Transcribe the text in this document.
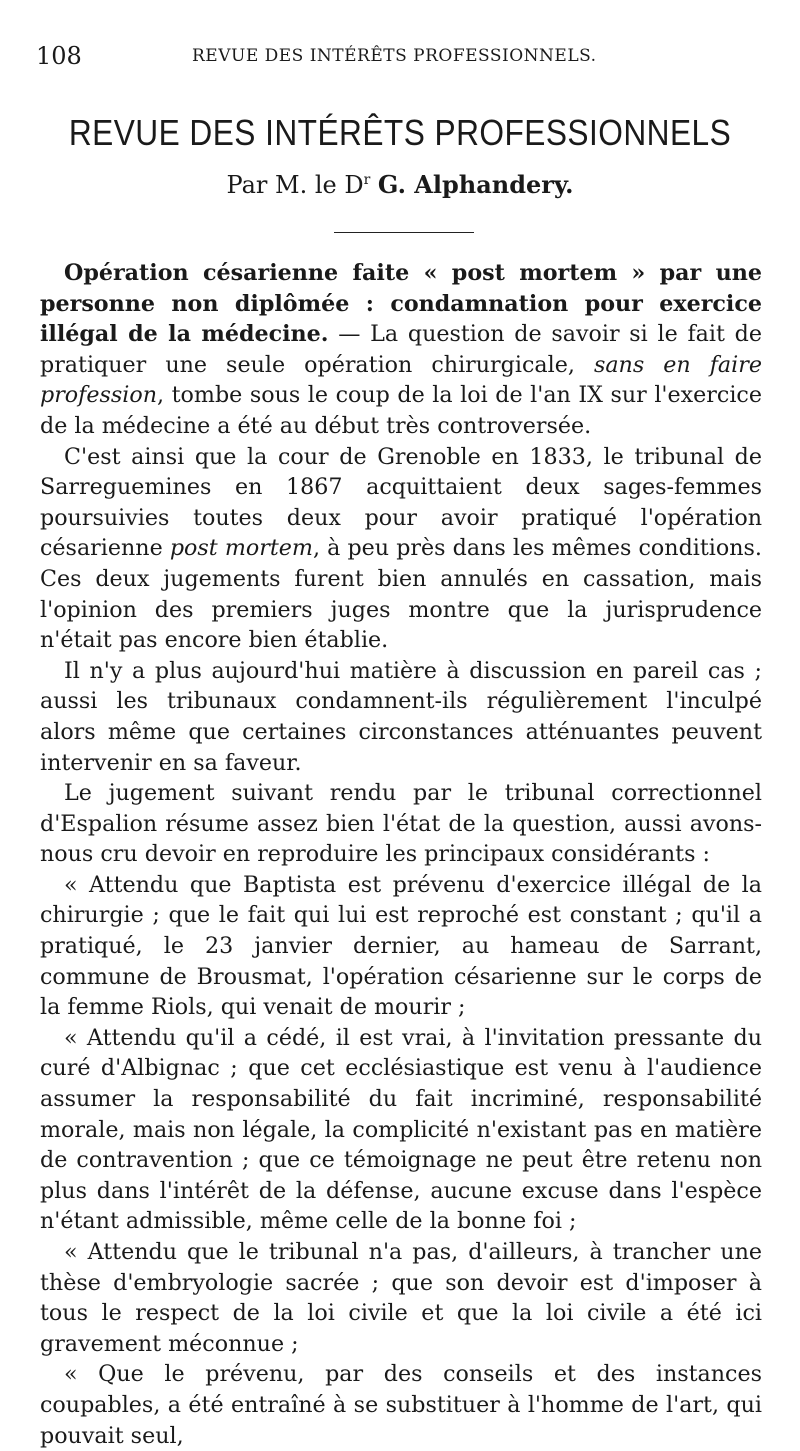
108	REVUE DES INTÉRÊTS PROFESSIONNELS.
REVUE DES INTÉRÊTS PROFESSIONNELS
Par M. le $D^r$ G. Alphandery.

Opération césarienne faite « post mortem » par une personne non diplômée : condamnation pour exercice illégal de la médecine. — La question de savoir si le fait de pratiquer une seule opération chirurgicale, sans en faire profession, tombe sous le coup de la loi de l'an IX sur l'exercice de la médecine a été au début très controversée.

C'est ainsi que la cour de Grenoble en 1833, le tribunal de Sarreguemines en 1867 acquittaient deux sages-femmes poursuivies toutes deux pour avoir pratiqué l'opération césarienne post mortem, à peu près dans les mêmes conditions. Ces deux jugements furent bien annulés en cassation, mais l'opinion des premiers juges montre que la jurisprudence n'était pas encore bien établie.

Il n'y a plus aujourd'hui matière à discussion en pareil cas ; aussi les tribunaux condamnent-ils régulièrement l'inculpé alors même que certaines circonstances atténuantes peuvent intervenir en sa faveur.

Le jugement suivant rendu par le tribunal correctionnel d'Espalion résume assez bien l'état de la question, aussi avons-nous cru devoir en reproduire les principaux considérants :

« Attendu que Baptista est prévenu d'exercice illégal de la chirurgie ; que le fait qui lui est reproché est constant ; qu'il a pratiqué, le 23 janvier dernier, au hameau de Sarrant, commune de Brousmat, l'opération césarienne sur le corps de la femme Riols, qui venait de mourir ;

« Attendu qu'il a cédé, il est vrai, à l'invitation pressante du curé d'Albignac ; que cet ecclésiastique est venu à l'audience assumer la responsabilité du fait incriminé, responsabilité morale, mais non légale, la complicité n'existant pas en matière de contravention ; que ce témoignage ne peut être retenu non plus dans l'intérêt de la défense, aucune excuse dans l'espèce n'étant admissible, même celle de la bonne foi ;

« Attendu que le tribunal n'a pas, d'ailleurs, à trancher une thèse d'embryologie sacrée ; que son devoir est d'imposer à tous le respect de la loi civile et que la loi civile a été ici gravement méconnue ;

« Que le prévenu, par des conseils et des instances coupables, a été entraîné à se substituer à l'homme de l'art, qui pouvait seul,
